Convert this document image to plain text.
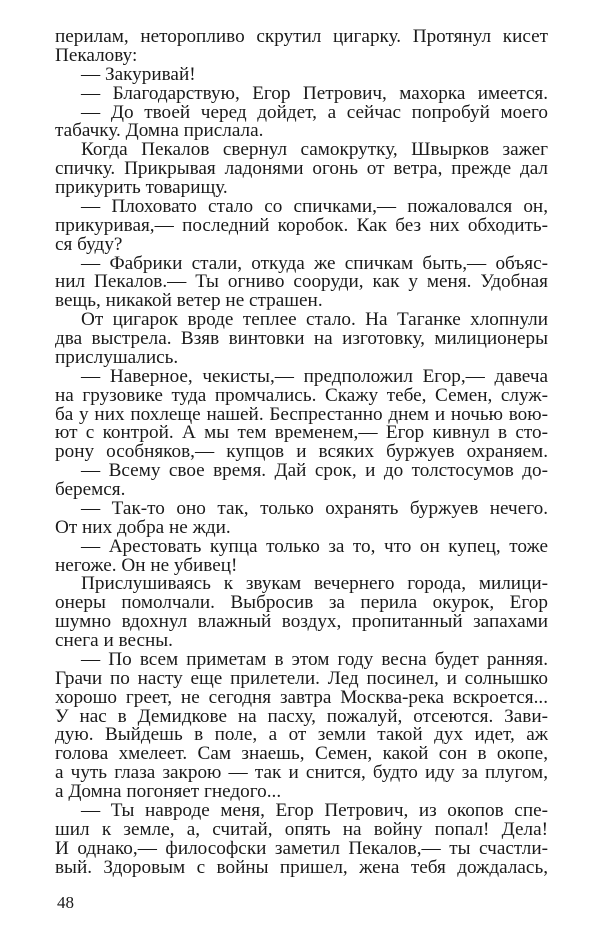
перилам, неторопливо скрутил цигарку. Протянул кисет
Пекалову:
— Закуривай!
— Благодарствую, Егор Петрович, махорка имеется.
— До твоей черед дойдет, а сейчас попробуй моего
табачку. Домна прислала.
Когда Пекалов свернул самокрутку, Швырков зажег
спичку. Прикрывая ладонями огонь от ветра, прежде дал
прикурить товарищу.
— Плоховато стало со спичками,— пожаловался он,
прикуривая,— последний коробок. Как без них обходить-
ся буду?
— Фабрики стали, откуда же спичкам быть,— объяс-
нил Пекалов.— Ты огниво сооруди, как у меня. Удобная
вещь, никакой ветер не страшен.
От цигарок вроде теплее стало. На Таганке хлопнули
два выстрела. Взяв винтовки на изготовку, милиционеры
прислушались.
— Наверное, чекисты,— предположил Егор,— давеча
на грузовике туда промчались. Скажу тебе, Семен, служ-
ба у них похлеще нашей. Беспрестанно днем и ночью вою-
ют с контрой. А мы тем временем,— Егор кивнул в сто-
рону особняков,— купцов и всяких буржуев охраняем.
— Всему свое время. Дай срок, и до толстосумов до-
беремся.
— Так-то оно так, только охранять буржуев нечего.
От них добра не жди.
— Арестовать купца только за то, что он купец, тоже
негоже. Он не убивец!
Прислушиваясь к звукам вечернего города, милици-
онеры помолчали. Выбросив за перила окурок, Егор
шумно вдохнул влажный воздух, пропитанный запахами
снега и весны.
— По всем приметам в этом году весна будет ранняя.
Грачи по насту еще прилетели. Лед посинел, и солнышко
хорошо греет, не сегодня завтра Москва-река вскроется...
У нас в Демидкове на пасху, пожалуй, отсеются. Зави-
дую. Выйдешь в поле, а от земли такой дух идет, аж
голова хмелеет. Сам знаешь, Семен, какой сон в окопе,
а чуть глаза закрою — так и снится, будто иду за плугом,
а Домна погоняет гнедого...
— Ты навроде меня, Егор Петрович, из окопов спе-
шил к земле, а, считай, опять на войну попал! Дела!
И однако,— философски заметил Пекалов,— ты счастли-
вый. Здоровым с войны пришел, жена тебя дождалась,
48
